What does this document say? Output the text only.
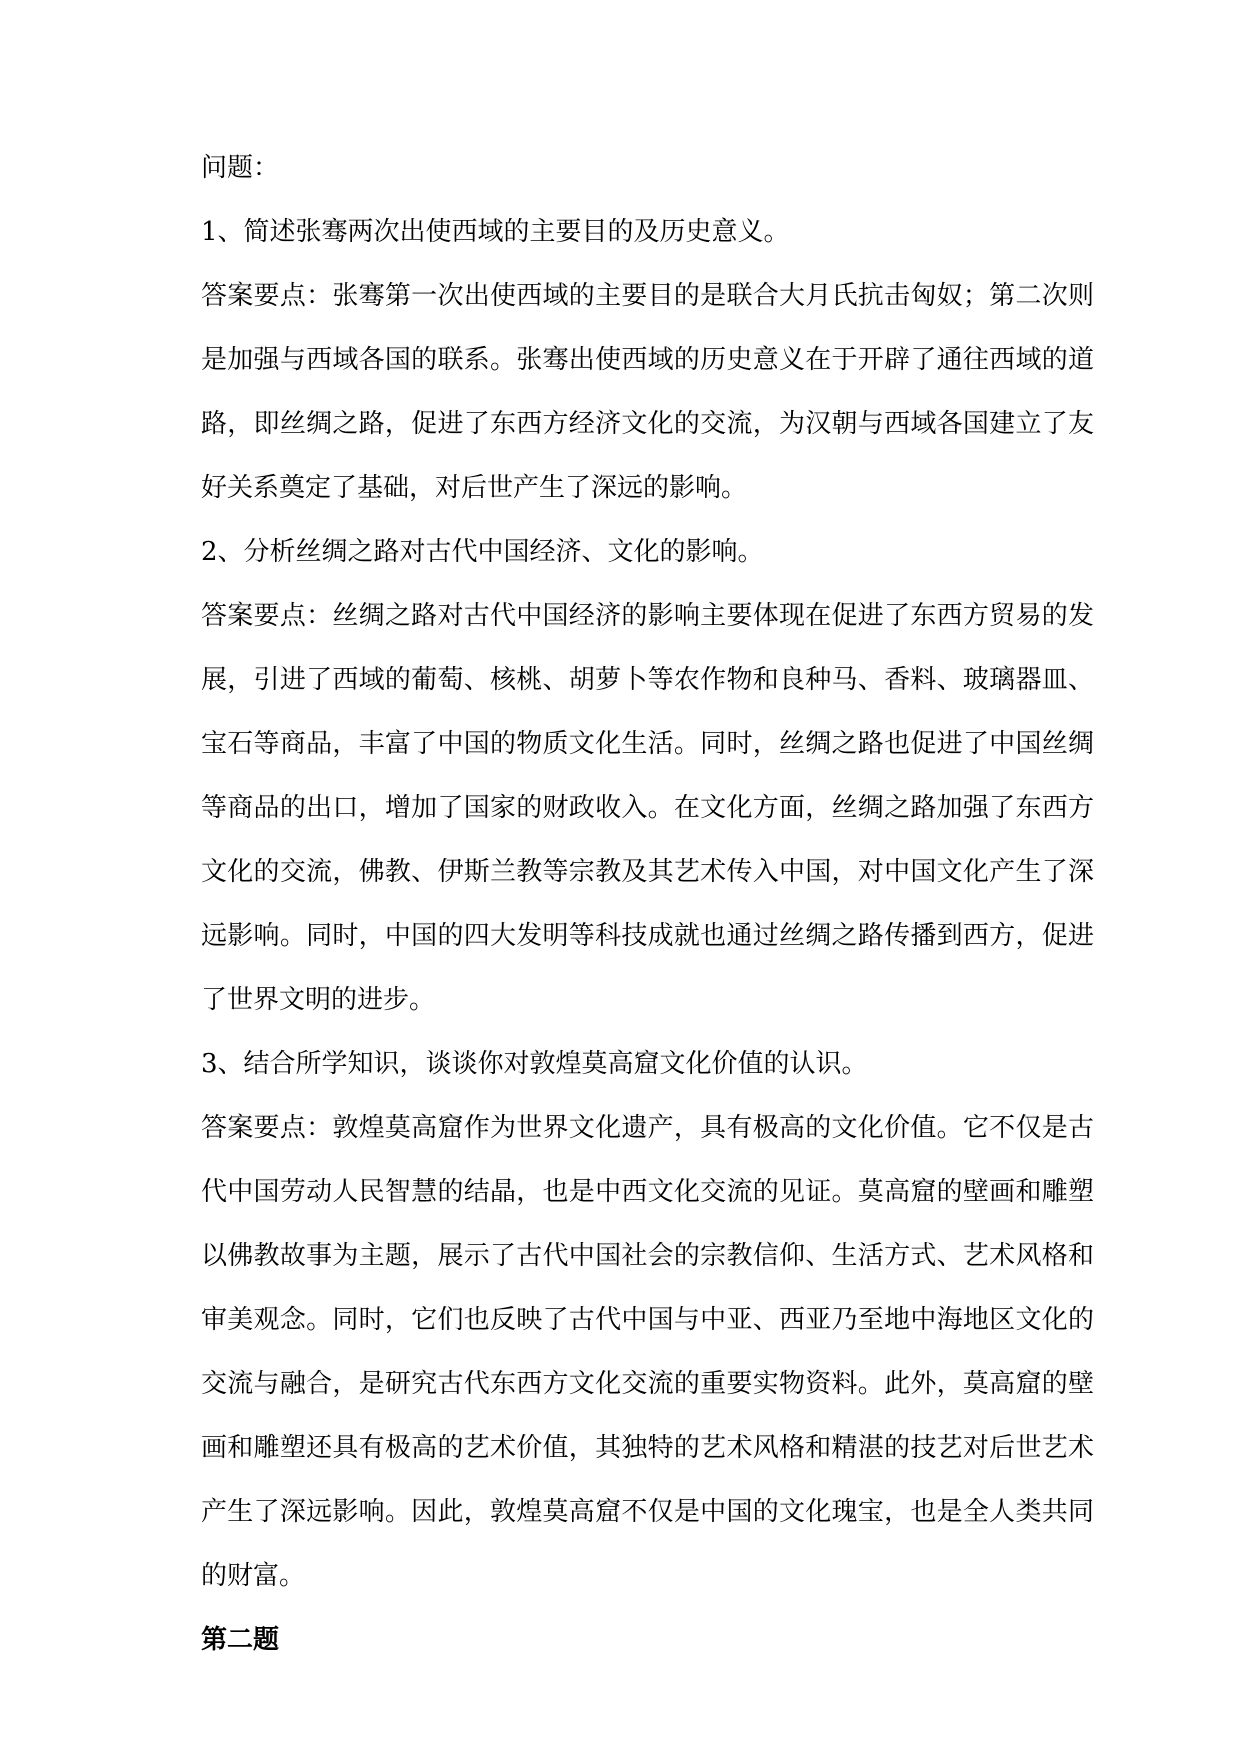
问题：
1、简述张骞两次出使西域的主要目的及历史意义。
答案要点：张骞第一次出使西域的主要目的是联合大月氏抗击匈奴；第二次则是加强与西域各国的联系。张骞出使西域的历史意义在于开辟了通往西域的道路，即丝绸之路，促进了东西方经济文化的交流，为汉朝与西域各国建立了友好关系奠定了基础，对后世产生了深远的影响。
2、分析丝绸之路对古代中国经济、文化的影响。
答案要点：丝绸之路对古代中国经济的影响主要体现在促进了东西方贸易的发展，引进了西域的葡萄、核桃、胡萝卜等农作物和良种马、香料、玻璃器皿、宝石等商品，丰富了中国的物质文化生活。同时，丝绸之路也促进了中国丝绸等商品的出口，增加了国家的财政收入。在文化方面，丝绸之路加强了东西方文化的交流，佛教、伊斯兰教等宗教及其艺术传入中国，对中国文化产生了深远影响。同时，中国的四大发明等科技成就也通过丝绸之路传播到西方，促进了世界文明的进步。
3、结合所学知识，谈谈你对敦煌莫高窟文化价值的认识。
答案要点：敦煌莫高窟作为世界文化遗产，具有极高的文化价值。它不仅是古代中国劳动人民智慧的结晶，也是中西文化交流的见证。莫高窟的壁画和雕塑以佛教故事为主题，展示了古代中国社会的宗教信仰、生活方式、艺术风格和审美观念。同时，它们也反映了古代中国与中亚、西亚乃至地中海地区文化的交流与融合，是研究古代东西方文化交流的重要实物资料。此外，莫高窟的壁画和雕塑还具有极高的艺术价值，其独特的艺术风格和精湛的技艺对后世艺术产生了深远影响。因此，敦煌莫高窟不仅是中国的文化瑰宝，也是全人类共同的财富。
第二题
